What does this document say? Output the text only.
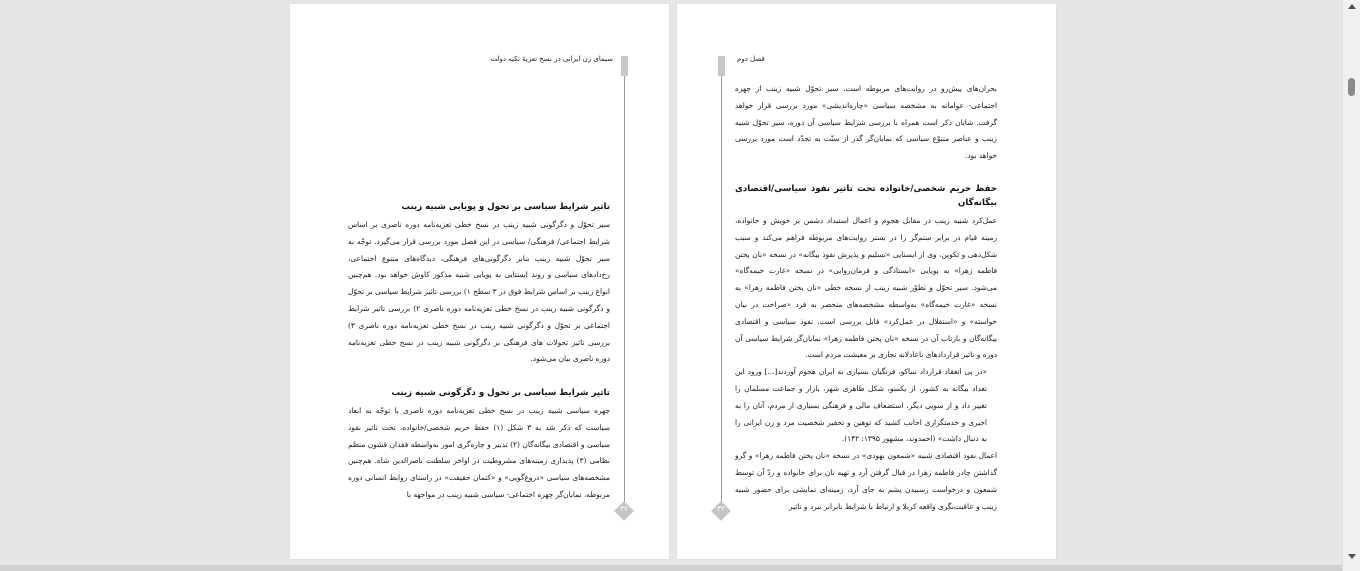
سیمای زن ایرانی در نسخ تعزیهٔ تکیه دولت
تاثیر شرایط سیاسی بر تحول و پویایی شبیه زینب
سیر تحوّل و دگرگونی شبیه زینب در نسخ خطی تعزیه‌نامه دوره ناصری بر اساس شرایط اجتماعی/ فرهنگی/ سیاسی در این فصل مورد بررسی قرار می‌گیرد. توجّه به سیر تحوّل شبیه زینب بنابر دگرگونی‌های فرهنگی، دیدگاه‌های متنوع اجتماعی، رخ‌دادهای سیاسی و روند ایستایی به پویایی شبیه مذکور کاوش خواهد بود. هم‌چنین انواع زینب بر اساس شرایط فوق در ۳ سطح ۱) بررسی تاثیر شرایط سیاسی بر تحوّل و دگرگونی شبیه زینب در نسخ خطی تعزیه‌نامه دوره ناصری ۲) بررسی تاثیر شرایط اجتماعی بر تحوّل و دگرگونی شبیه زینب در نسخ خطی تعزیه‌نامه دوره ناصری ۳) بررسی تاثیر تحولات‌ های فرهنگی بر دگرگونی شبیه زینب در نسخ خطی تعزیه‌نامه دوره ناصری بیان می‌شود.
تاثیر شرایط سیاسی بر تحول و دگرگونی شبیه زینب
چهره سیاسی شبیه زینب در نسخ خطی تعزیه‌نامه دوره ناصری با توجّه به ابعاد سیاست که ذکر شد به ۳ شکل (۱) حفظ حریم شخصی/خانواده، تحت تاثیر نفوذ سیاسی و اقتصادی بیگانه‌گان (۲) تدبیر و چاره‌گری امور به‌واسطه فقدان قشون منظم نظامی (۳) پدیداری زمینه‌های مشروطیت در اواخر سلطنت ناصرالدین شاه. هم‌چنین مشخصه‌های سیاسی «دروغ‌گویی» و «کتمان حقیقت» در راستای روابط انسانی دوره مربوطه، نمایان‌گر چهره اجتماعی- سیاسی شبیه زینب در مواجهه با
۳۲
فصل دوم
بحران‌های پیش‌رو در روایت‌های مربوطه است. سیر تحوّل شبیه زینب از چهره اجتماعی- عوامانه به مشخصه سیاسی «چاره‌اندیشی» مورد بررسی قرار خواهد گرفت. شایان ذکر است همراه با بررسی شرایط سیاسی آن دوره، سیر تحوّل شبیه زینب و عناصر متنوّع سیاسی که نمایان‌گر گذر از سنّت به تجدّد است مورد بررسی خواهد بود.
حفظ حریم شخصی/خانواده تحت تاثیر نفوذ سیاسی/اقتصادی بیگانه‌گان
عمل‌کرد شبیه زینب در مقابل هجوم و اعمال استبداد دشمن بر خویش و خانواده، زمینه قیام در برابر ستم‌گر را در بستر روایت‌های مربوطه فراهم می‌کند و سبب شکل‌دهی و تکوین، وی از ایستایی «تسلیم و پذیرش نفوذ بیگانه» در نسخه «نان پختن فاطمه زهرا» به پویایی «ایستادگی و فرمان‌روایی» در نسخه «غارت خیمه‌گاه» می‌شود. سیر تحوّل و تطوّر شبیه زینب از نسخه خطی «نان پختن فاطمه زهرا» به نسخه «غارت خیمه‌گاه» به‌واسطه مشخصه‌های منحصر به فرد «صراحت در بیان خواسته» و «استقلال در عمل‌کرد» قابل بررسی است. نفوذ سیاسی و اقتصادی بیگانه‌گان و بازتاب آن در نسخه «نان پختن فاطمه زهرا» نمایان‌گر شرایط سیاسی آن دوره و تاثیر قراردادهای ناعادلانه تجاری بر معیشت مردم است.
«در پی انعقاد قرارداد تنباکو، فرنگیان بسیاری به ایران هجوم آوردند[...] ورود این تعداد بیگانه به کشور، از یکسو، شکل ظاهری شهر، بازار و جماعت مسلمان را تغییر داد و از سویی دیگر، استضعاف مالی و فرهنگی بسیاری از مردم، آنان را به اجیری و خدمتگزاری اجانب کشید که توهین و تحقیر شخصیت مرد و زن ایرانی را به دنبال داشت» (احمدوند، مشهور ۱۳۹۵: ۱۴۲).
اعمال نفوذ اقتصادی شبیه «شمعون یهودی» در نسخه «نان پختن فاطمه زهرا» و گرو گذاشتن چادر فاطمه زهرا در قبال گرفتن آرد و تهیه نان برای خانواده و ردّ آن توسط شمعون و درخواست زسبیدن پشم به جای آرد، زمینه‌ای نمایشی برای حضور شبیه زینب و عاقبت‌نگری واقعه کربلا و ارتباط با شرایط نابرابر نبرد و تاثیر
۳۳
